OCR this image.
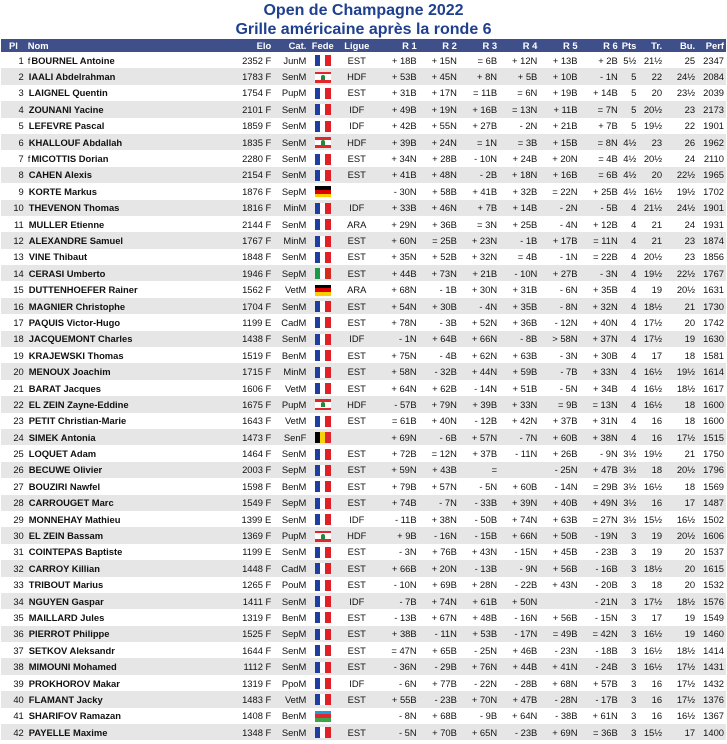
Open de Champagne 2022
Grille américaine après la ronde 6
Pl	Nom	Elo	Cat.	Fede	Ligue	R 1	R 2	R 3	R 4	R 5	R 6	Pts	Tr.	Bu.	Perf
1	fBOURNEL Antoine	2352 F	JunM		EST	+ 18B	+ 15N	= 6B	+ 12N	+ 13B	+ 2B	5½	21½	25	2347
2	IAALI Abdelrahman	1783 F	SenM		HDF	+ 53B	+ 45N	+ 8N	+ 5B	+ 10B	- 1N	5	22	24½	2084
3	LAIGNEL Quentin	1754 F	PupM		EST	+ 31B	+ 17N	= 11B	= 6N	+ 19B	+ 14B	5	20	23½	2039
4	ZOUNANI Yacine	2101 F	SenM		IDF	+ 49B	+ 19N	+ 16B	= 13N	+ 11B	= 7N	5	20½	23	2173
5	LEFEVRE Pascal	1859 F	SenM		IDF	+ 42B	+ 55N	+ 27B	- 2N	+ 21B	+ 7B	5	19½	22	1901
6	KHALLOUF Abdallah	1835 F	SenM		HDF	+ 39B	+ 24N	= 1N	= 3B	+ 15B	= 8N	4½	23	26	1962
7	fMICOTTIS Dorian	2280 F	SenM		EST	+ 34N	+ 28B	- 10N	+ 24B	+ 20N	= 4B	4½	20½	24	2110
8	CAHEN Alexis	2154 F	SenM		EST	+ 41B	+ 48N	- 2B	+ 18N	+ 16B	= 6B	4½	20	22½	1965
9	KORTE Markus	1876 F	SepM			- 30N	+ 58B	+ 41B	+ 32B	= 22N	+ 25B	4½	16½	19½	1702
10	THEVENON Thomas	1816 F	MinM		IDF	+ 33B	+ 46N	+ 7B	+ 14B	- 2N	- 5B	4	21½	24½	1901
11	MULLER Etienne	2144 F	SenM		ARA	+ 29N	+ 36B	= 3N	+ 25B	- 4N	+ 12B	4	21	24	1931
12	ALEXANDRE Samuel	1767 F	MinM		EST	+ 60N	= 25B	+ 23N	- 1B	+ 17B	= 11N	4	21	23	1874
13	VINE Thibaut	1848 F	SenM		EST	+ 35N	+ 52B	+ 32N	= 4B	- 1N	= 22B	4	20½	23	1856
14	CERASI Umberto	1946 F	SepM		EST	+ 44B	+ 73N	+ 21B	- 10N	+ 27B	- 3N	4	19½	22½	1767
15	DUTTENHOEFER Rainer	1562 F	VetM		ARA	+ 68N	- 1B	+ 30N	+ 31B	- 6N	+ 35B	4	19	20½	1631
16	MAGNIER Christophe	1704 F	SenM		EST	+ 54N	+ 30B	- 4N	+ 35B	- 8N	+ 32N	4	18½	21	1730
17	PAQUIS Victor-Hugo	1199 E	CadM		EST	+ 78N	- 3B	+ 52N	+ 36B	- 12N	+ 40N	4	17½	20	1742
18	JACQUEMONT Charles	1438 F	SenM		IDF	- 1N	+ 64B	+ 66N	- 8B	> 58N	+ 37N	4	17½	19	1630
19	KRAJEWSKI Thomas	1519 F	BenM		EST	+ 75N	- 4B	+ 62N	+ 63B	- 3N	+ 30B	4	17	18	1581
20	MENOUX Joachim	1715 F	MinM		EST	+ 58N	- 32B	+ 44N	+ 59B	- 7B	+ 33N	4	16½	19½	1614
21	BARAT Jacques	1606 F	VetM		EST	+ 64N	+ 62B	- 14N	+ 51B	- 5N	+ 34B	4	16½	18½	1617
22	EL ZEIN Zayne-Eddine	1675 F	PupM		HDF	- 57B	+ 79N	+ 39B	+ 33N	= 9B	= 13N	4	16½	18	1600
23	PETIT Christian-Marie	1643 F	VetM		EST	= 61B	+ 40N	- 12B	+ 42N	+ 37B	+ 31N	4	16	18	1600
24	SIMEK Antonia	1473 F	SenF			+ 69N	- 6B	+ 57N	- 7N	+ 60B	+ 38N	4	16	17½	1515
25	LOQUET Adam	1464 F	SenM		EST	+ 72B	= 12N	+ 37B	- 11N	+ 26B	- 9N	3½	19½	21	1750
26	BECUWE Olivier	2003 F	SepM		EST	+ 59N	+ 43B	=		- 25N	+ 47B	3½	18	20½	1796
27	BOUZIRI Nawfel	1598 F	BenM		EST	+ 79B	+ 57N	- 5N	+ 60B	- 14N	= 29B	3½	16½	18	1569
28	CARROUGET Marc	1549 F	SepM		EST	+ 74B	- 7N	- 33B	+ 39N	+ 40B	+ 49N	3½	16	17	1487
29	MONNEHAY Mathieu	1399 E	SenM		IDF	- 11B	+ 38N	- 50B	+ 74N	+ 63B	= 27N	3½	15½	16½	1502
30	EL ZEIN Bassam	1369 F	PupM		HDF	+ 9B	- 16N	- 15B	+ 66N	+ 50B	- 19N	3	19	20½	1606
31	COINTEPAS Baptiste	1199 E	SenM		EST	- 3N	+ 76B	+ 43N	- 15N	+ 45B	- 23B	3	19	20	1537
32	CARROY Killian	1448 F	CadM		EST	+ 66B	+ 20N	- 13B	- 9N	+ 56B	- 16B	3	18½	20	1615
33	TRIBOUT Marius	1265 F	PouM		EST	- 10N	+ 69B	+ 28N	- 22B	+ 43N	- 20B	3	18	20	1532
34	NGUYEN Gaspar	1411 F	SenM		IDF	- 7B	+ 74N	+ 61B	+ 50N		- 21N	3	17½	18½	1576
35	MAILLARD Jules	1319 F	BenM		EST	- 13B	+ 67N	+ 48B	- 16N	+ 56B	- 15N	3	17	19	1549
36	PIERROT Philippe	1525 F	SepM		EST	+ 38B	- 11N	+ 53B	- 17N	= 49B	= 42N	3	16½	19	1460
37	SETKOV Aleksandr	1644 F	SenM		EST	= 47N	+ 65B	- 25N	+ 46B	- 23N	- 18B	3	16½	18½	1414
38	MIMOUNI Mohamed	1112 F	SenM		EST	- 36N	- 29B	+ 76N	+ 44B	+ 41N	- 24B	3	16½	17½	1431
39	PROKHOROV Makar	1319 F	PpoM		IDF	- 6N	+ 77B	- 22N	- 28B	+ 68N	+ 57B	3	16	17½	1432
40	FLAMANT Jacky	1483 F	VetM		EST	+ 55B	- 23B	+ 70N	+ 47B	- 28N	- 17B	3	16	17½	1376
41	SHARIFOV Ramazan	1408 F	BenM			- 8N	+ 68B	- 9B	+ 64N	- 38B	+ 61N	3	16	16½	1367
42	PAYELLE Maxime	1348 F	SenM		EST	- 5N	+ 70B	+ 65N	- 23B	+ 69N	= 36B	3	15½	17	1400
